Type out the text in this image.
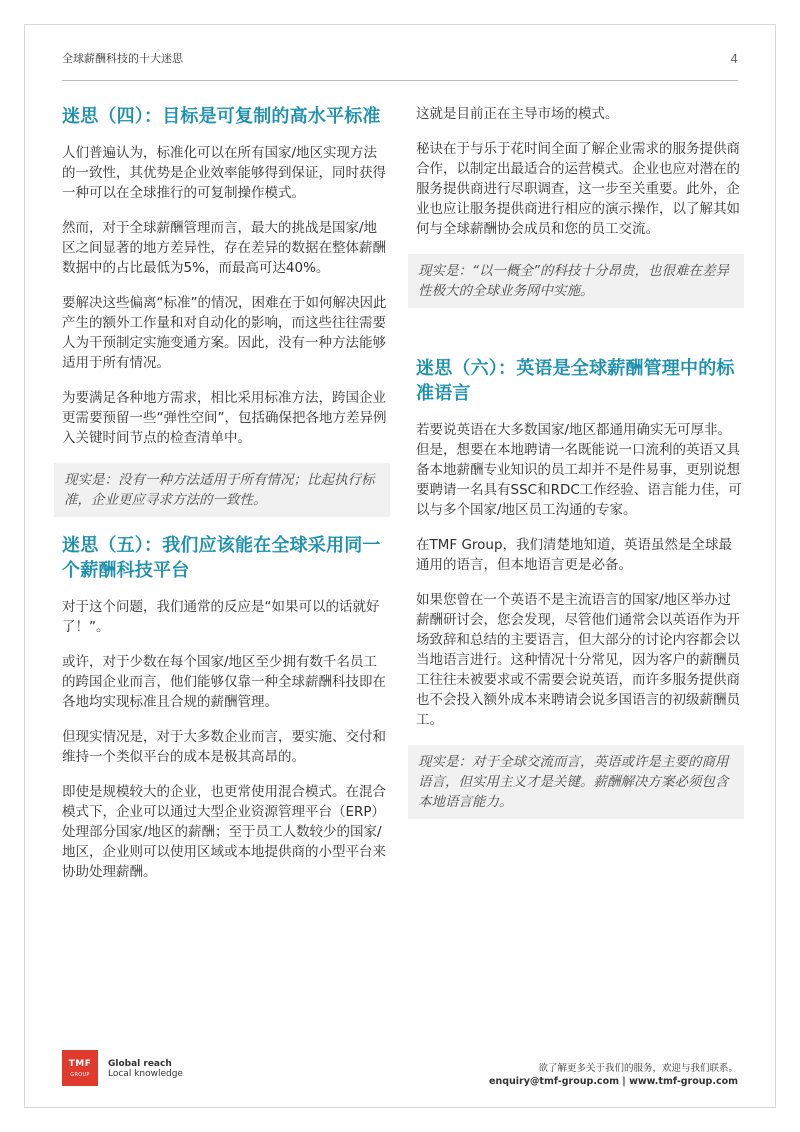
全球薪酬科技的十大迷思	4
迷思（四）：目标是可复制的高水平标准

人们普遍认为，标准化可以在所有国家/地区实现方法的一致性，其优势是企业效率能够得到保证，同时获得一种可以在全球推行的可复制操作模式。

然而，对于全球薪酬管理而言，最大的挑战是国家/地区之间显著的地方差异性，存在差异的数据在整体薪酬数据中的占比最低为5%，而最高可达40%。

要解决这些偏离“标准”的情况，困难在于如何解决因此产生的额外工作量和对自动化的影响，而这些往往需要人为干预制定实施变通方案。因此，没有一种方法能够适用于所有情况。

为要满足各种地方需求，相比采用标准方法，跨国企业更需要预留一些“弹性空间”，包括确保把各地方差异例入关键时间节点的检查清单中。

现实是：没有一种方法适用于所有情况；比起执行标准，企业更应寻求方法的一致性。
迷思（五）：我们应该能在全球采用同一个薪酬科技平台

对于这个问题，我们通常的反应是“如果可以的话就好了！”。

或许，对于少数在每个国家/地区至少拥有数千名员工的跨国企业而言，他们能够仅靠一种全球薪酬科技即在各地均实现标准且合规的薪酬管理。

但现实情况是，对于大多数企业而言，要实施、交付和维持一个类似平台的成本是极其高昂的。

即使是规模较大的企业，也更常使用混合模式。在混合模式下，企业可以通过大型企业资源管理平台（ERP）处理部分国家/地区的薪酬；至于员工人数较少的国家/地区，企业则可以使用区域或本地提供商的小型平台来协助处理薪酬。

这就是目前正在主导市场的模式。

秘诀在于与乐于花时间全面了解企业需求的服务提供商合作，以制定出最适合的运营模式。企业也应对潜在的服务提供商进行尽职调查，这一步至关重要。此外，企业也应让服务提供商进行相应的演示操作，以了解其如何与全球薪酬协会成员和您的员工交流。

现实是：“以一概全”的科技十分昂贵，也很难在差异性极大的全球业务网中实施。
迷思（六）：英语是全球薪酬管理中的标准语言

若要说英语在大多数国家/地区都通用确实无可厚非。但是，想要在本地聘请一名既能说一口流利的英语又具备本地薪酬专业知识的员工却并不是件易事，更别说想要聘请一名具有SSC和RDC工作经验、语言能力佳，可以与多个国家/地区员工沟通的专家。

在TMF Group，我们清楚地知道，英语虽然是全球最通用的语言，但本地语言更是必备。

如果您曾在一个英语不是主流语言的国家/地区举办过薪酬研讨会，您会发现，尽管他们通常会以英语作为开场致辞和总结的主要语言，但大部分的讨论内容都会以当地语言进行。这种情况十分常见，因为客户的薪酬员工往往未被要求或不需要会说英语，而许多服务提供商也不会投入额外成本来聘请会说多国语言的初级薪酬员工。

现实是：对于全球交流而言，英语或许是主要的商用语言，但实用主义才是关键。薪酬解决方案必须包含本地语言能力。
TMF
GROUP
Global reach
Local knowledge	欲了解更多关于我们的服务，欢迎与我们联系。
enquiry@tmf-group.com | www.tmf-group.com
